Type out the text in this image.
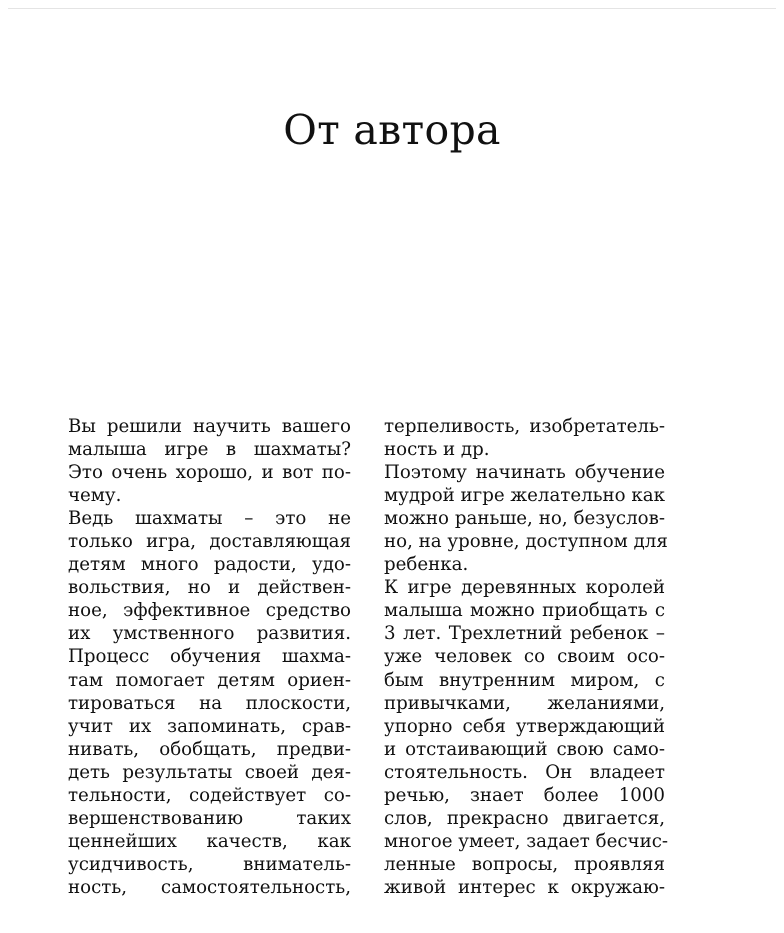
От автора
Вы решили научить вашего
малыша игре в шахматы?
Это очень хорошо, и вот по-
чему.
Ведь шахматы – это не
только игра, доставляющая
детям много радости, удо-
вольствия, но и действен-
ное, эффективное средство
их умственного развития.
Процесс обучения шахма-
там помогает детям ориен-
тироваться на плоскости,
учит их запоминать, срав-
нивать, обобщать, предви-
деть результаты своей дея-
тельности, содействует со-
вершенствованию таких
ценнейших качеств, как
усидчивость, вниматель-
ность, самостоятельность,
терпеливость, изобретатель-
ность и др.
Поэтому начинать обучение
мудрой игре желательно как
можно раньше, но, безуслов-
но, на уровне, доступном для
ребенка.
К игре деревянных королей
малыша можно приобщать с
3 лет. Трехлетний ребенок –
уже человек со своим осо-
бым внутренним миром, с
привычками, желаниями,
упорно себя утверждающий
и отстаивающий свою само-
стоятельность. Он владеет
речью, знает более 1000
слов, прекрасно двигается,
многое умеет, задает бесчис-
ленные вопросы, проявляя
живой интерес к окружаю-
